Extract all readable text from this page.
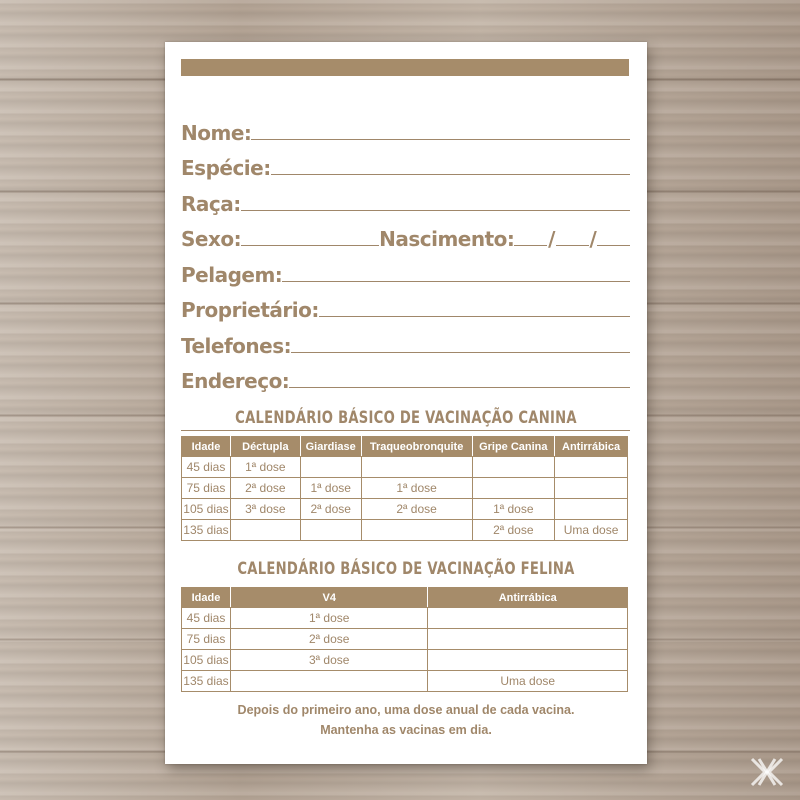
Nome:
Espécie:
Raça:
Sexo:	Nascimento: / /
Pelagem:
Proprietário:
Telefones:
Endereço:
CALENDÁRIO BÁSICO DE VACINAÇÃO CANINA
Idade	Déctupla	Giardiase	Traqueobronquite	Gripe Canina	Antirrábica
45 dias	1ª dose				
75 dias	2ª dose	1ª dose	1ª dose		
105 dias	3ª dose	2ª dose	2ª dose	1ª dose	
135 dias				2ª dose	Uma dose
CALENDÁRIO BÁSICO DE VACINAÇÃO FELINA
Idade	V4	Antirrábica
45 dias	1ª dose	
75 dias	2ª dose	
105 dias	3ª dose	
135 dias		Uma dose
Depois do primeiro ano, uma dose anual de cada vacina.
Mantenha as vacinas em dia.
